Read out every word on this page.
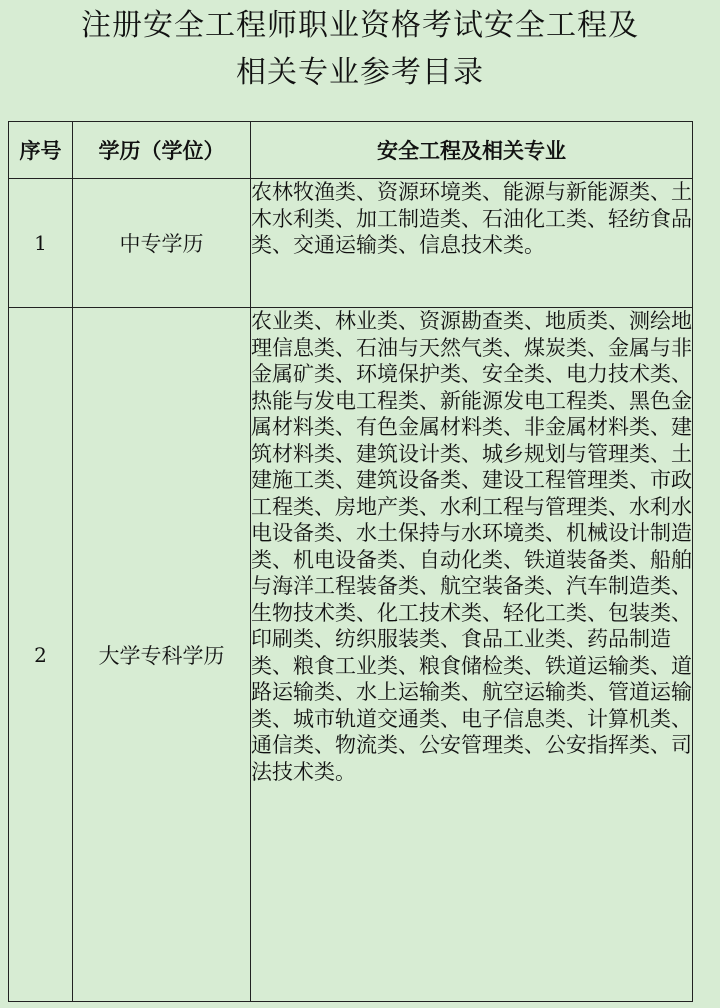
注册安全工程师职业资格考试安全工程及
相关专业参考目录
序号	学历（学位）	安全工程及相关专业
1	中专学历	农林牧渔类、资源环境类、能源与新能源类、土木水利类、加工制造类、石油化工类、轻纺食品类、交通运输类、信息技术类。
2	大学专科学历	农业类、林业类、资源勘查类、地质类、测绘地理信息类、石油与天然气类、煤炭类、金属与非金属矿类、环境保护类、安全类、电力技术类、热能与发电工程类、新能源发电工程类、黑色金属材料类、有色金属材料类、非金属材料类、建筑材料类、建筑设计类、城乡规划与管理类、土建施工类、建筑设备类、建设工程管理类、市政工程类、房地产类、水利工程与管理类、水利水电设备类、水土保持与水环境类、机械设计制造类、机电设备类、自动化类、铁道装备类、船舶与海洋工程装备类、航空装备类、汽车制造类、生物技术类、化工技术类、轻化工类、包装类、印刷类、纺织服装类、食品工业类、药品制造类、粮食工业类、粮食储检类、铁道运输类、道路运输类、水上运输类、航空运输类、管道运输类、城市轨道交通类、电子信息类、计算机类、通信类、物流类、公安管理类、公安指挥类、司法技术类。
